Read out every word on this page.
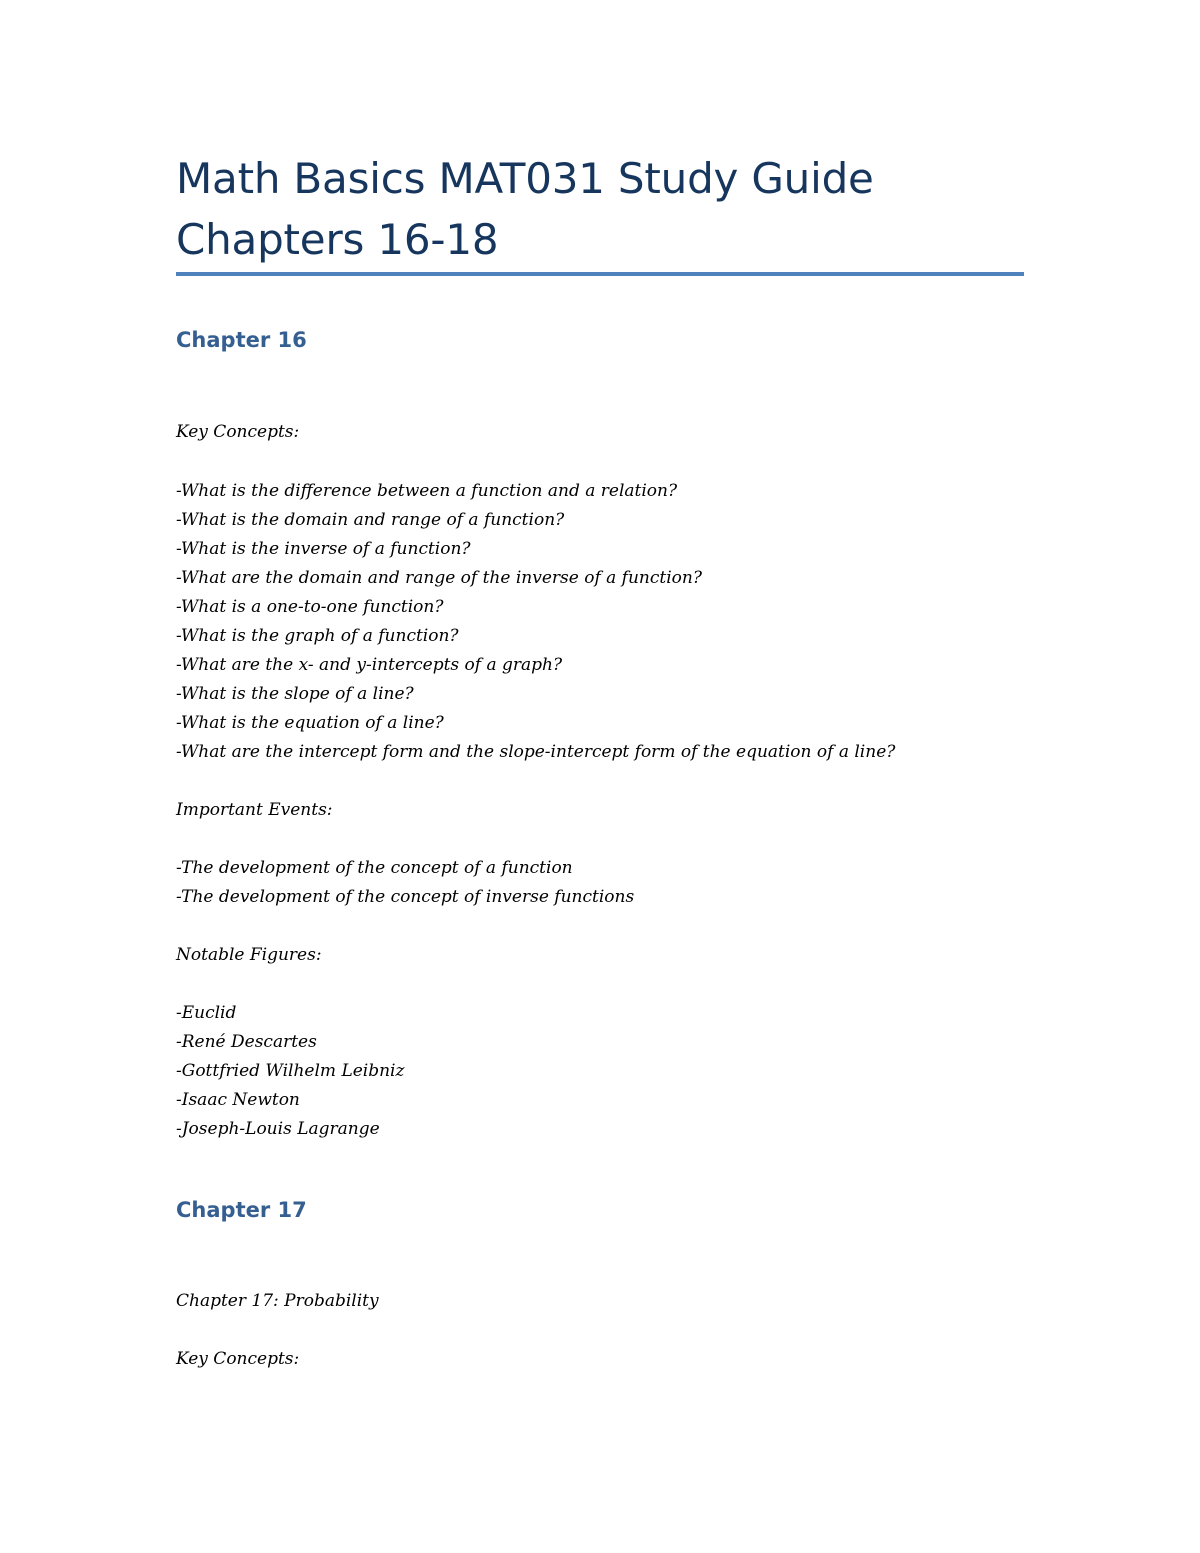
Math Basics MAT031 Study Guide
Chapters 16-18
Chapter 16

Key Concepts:

-What is the difference between a function and a relation?
-What is the domain and range of a function?
-What is the inverse of a function?
-What are the domain and range of the inverse of a function?
-What is a one-to-one function?
-What is the graph of a function?
-What are the x- and y-intercepts of a graph?
-What is the slope of a line?
-What is the equation of a line?
-What are the intercept form and the slope-intercept form of the equation of a line?

Important Events:

-The development of the concept of a function
-The development of the concept of inverse functions

Notable Figures:

-Euclid
-René Descartes
-Gottfried Wilhelm Leibniz
-Isaac Newton
-Joseph-Louis Lagrange
Chapter 17

Chapter 17: Probability

Key Concepts:
